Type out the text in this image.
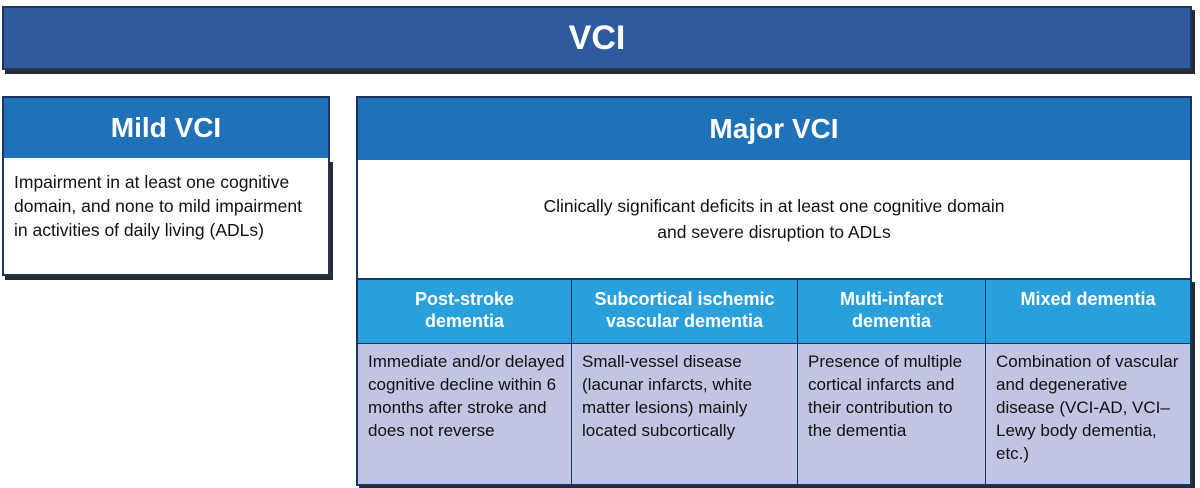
VCI
Mild VCI
Impairment in at least one cognitive domain, and none to mild impairment in activities of daily living (ADLs)
Major VCI
Clinically significant deficits in at least one cognitive domain
and severe disruption to ADLs
Post-stroke dementia
Subcortical ischemic vascular dementia
Multi-infarct dementia
Mixed dementia
Immediate and/or delayed cognitive decline within 6 months after stroke and does not reverse
Small-vessel disease (lacunar infarcts, white matter lesions) mainly located subcortically
Presence of multiple cortical infarcts and their contribution to the dementia
Combination of vascular and degenerative disease (VCI-AD, VCI–Lewy body dementia, etc.)
